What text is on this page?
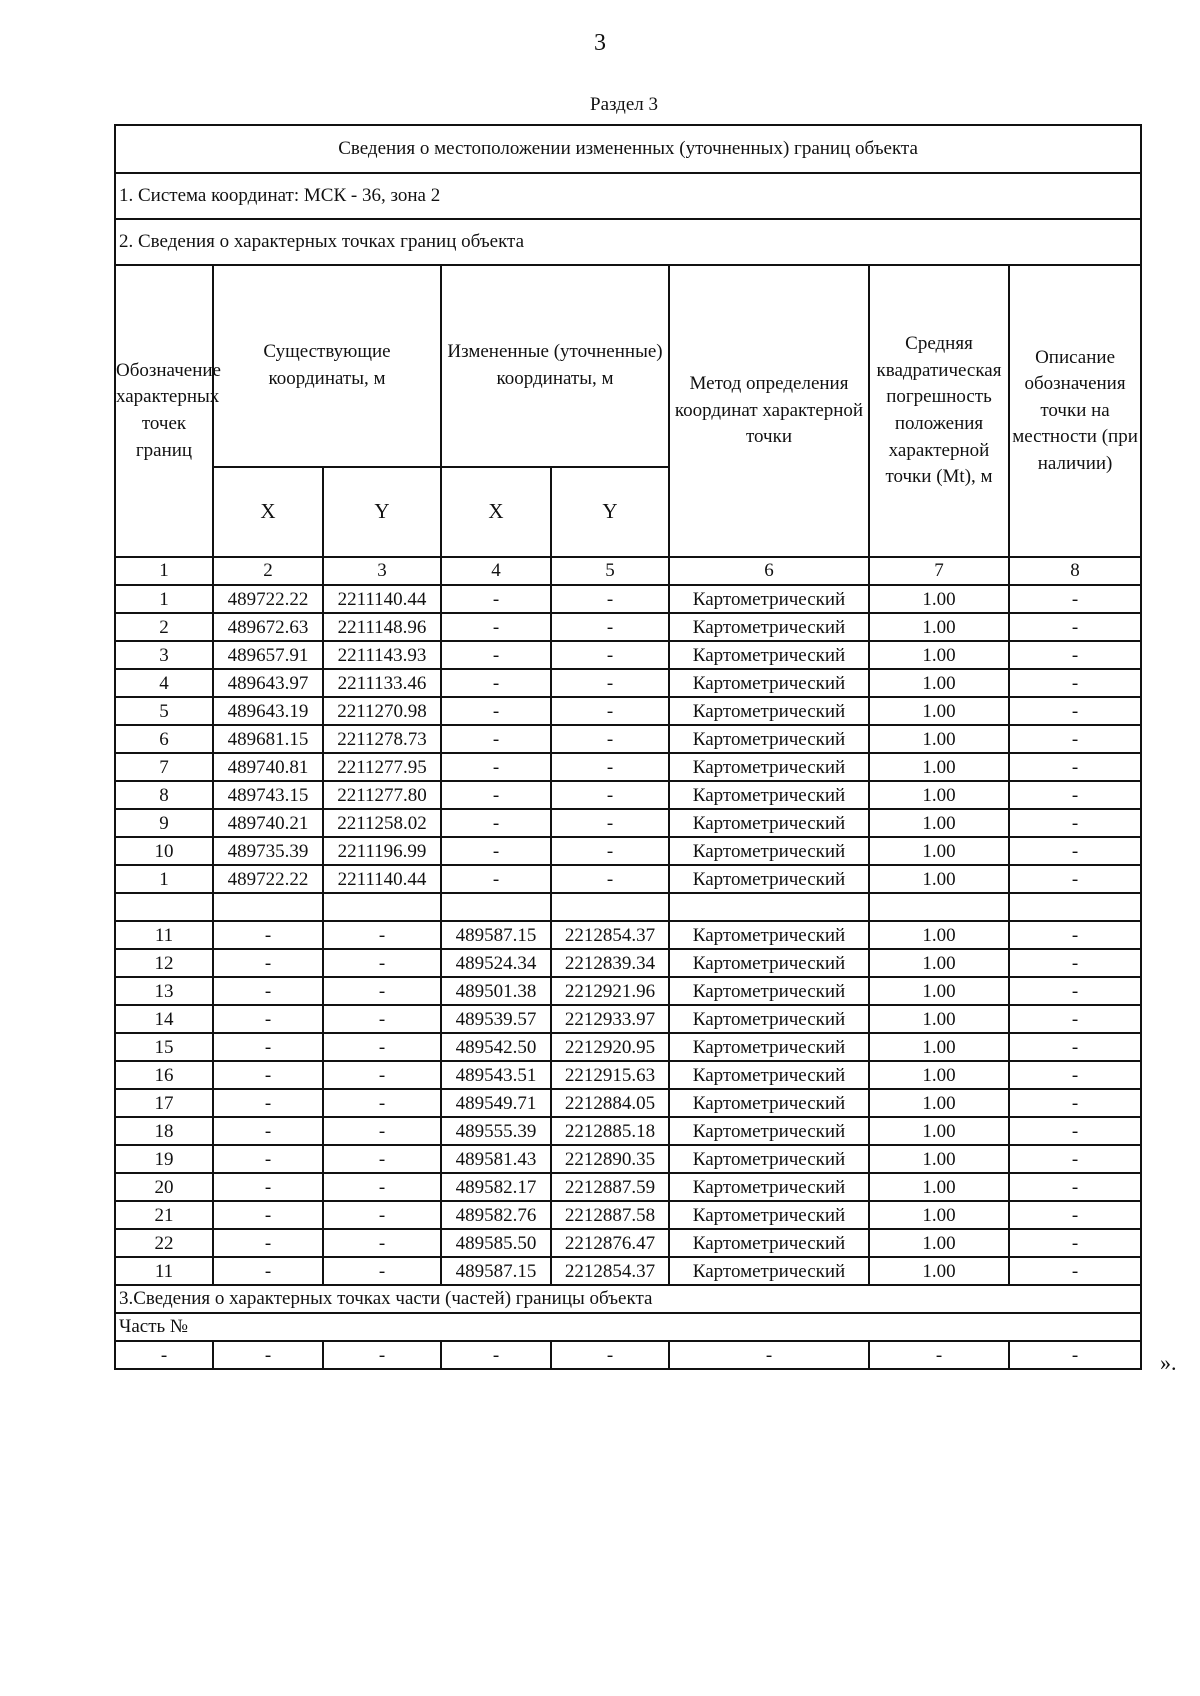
3
Раздел 3
Сведения о местоположении измененных (уточненных) границ объекта							
1. Система координат: МСК - 36, зона 2							
2. Сведения о характерных точках границ объекта							
Обозначение характерных точек границ	Существующие координаты, м		Измененные (уточненные) координаты, м		Метод определения координат характерной точки	Средняя квадратическая погрешность положения характерной точки (Mt), м	Описание обозначения точки на местности (при наличии)
	X	Y	X	Y			
1	2	3	4	5	6	7	8
1	489722.22	2211140.44	-	-	Картометрический	1.00	-
2	489672.63	2211148.96	-	-	Картометрический	1.00	-
3	489657.91	2211143.93	-	-	Картометрический	1.00	-
4	489643.97	2211133.46	-	-	Картометрический	1.00	-
5	489643.19	2211270.98	-	-	Картометрический	1.00	-
6	489681.15	2211278.73	-	-	Картометрический	1.00	-
7	489740.81	2211277.95	-	-	Картометрический	1.00	-
8	489743.15	2211277.80	-	-	Картометрический	1.00	-
9	489740.21	2211258.02	-	-	Картометрический	1.00	-
10	489735.39	2211196.99	-	-	Картометрический	1.00	-
1	489722.22	2211140.44	-	-	Картометрический	1.00	-

11	-	-	489587.15	2212854.37	Картометрический	1.00	-
12	-	-	489524.34	2212839.34	Картометрический	1.00	-
13	-	-	489501.38	2212921.96	Картометрический	1.00	-
14	-	-	489539.57	2212933.97	Картометрический	1.00	-
15	-	-	489542.50	2212920.95	Картометрический	1.00	-
16	-	-	489543.51	2212915.63	Картометрический	1.00	-
17	-	-	489549.71	2212884.05	Картометрический	1.00	-
18	-	-	489555.39	2212885.18	Картометрический	1.00	-
19	-	-	489581.43	2212890.35	Картометрический	1.00	-
20	-	-	489582.17	2212887.59	Картометрический	1.00	-
21	-	-	489582.76	2212887.58	Картометрический	1.00	-
22	-	-	489585.50	2212876.47	Картометрический	1.00	-
11	-	-	489587.15	2212854.37	Картометрический	1.00	-
3.Сведения о характерных точках части (частей) границы объекта							
Часть №							
-	-	-	-	-	-	-	-	».
